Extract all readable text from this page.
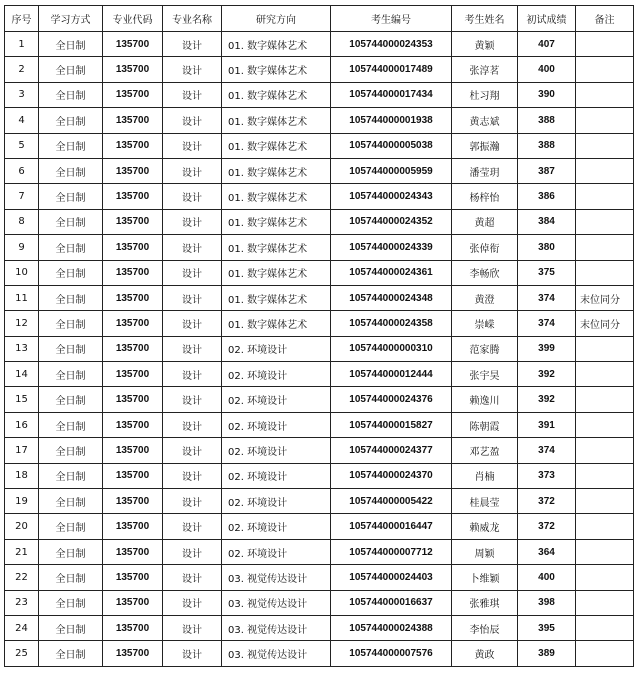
序号	学习方式	专业代码	专业名称	研究方向	考生编号	考生姓名	初试成绩	备注
1	全日制	135700	设计	01. 数字媒体艺术	105744000024353	黄颖	407	
2	全日制	135700	设计	01. 数字媒体艺术	105744000017489	张淳茗	400	
3	全日制	135700	设计	01. 数字媒体艺术	105744000017434	杜习翔	390	
4	全日制	135700	设计	01. 数字媒体艺术	105744000001938	黄志斌	388	
5	全日制	135700	设计	01. 数字媒体艺术	105744000005038	郭振瀚	388	
6	全日制	135700	设计	01. 数字媒体艺术	105744000005959	潘莹玥	387	
7	全日制	135700	设计	01. 数字媒体艺术	105744000024343	杨梓怡	386	
8	全日制	135700	设计	01. 数字媒体艺术	105744000024352	黄超	384	
9	全日制	135700	设计	01. 数字媒体艺术	105744000024339	张倬衔	380	
10	全日制	135700	设计	01. 数字媒体艺术	105744000024361	李畅欣	375	
11	全日制	135700	设计	01. 数字媒体艺术	105744000024348	黄澄	374	末位同分
12	全日制	135700	设计	01. 数字媒体艺术	105744000024358	崇嵘	374	末位同分
13	全日制	135700	设计	02. 环境设计	105744000000310	范家腾	399	
14	全日制	135700	设计	02. 环境设计	105744000012444	张宇昊	392	
15	全日制	135700	设计	02. 环境设计	105744000024376	赖逸川	392	
16	全日制	135700	设计	02. 环境设计	105744000015827	陈朝霞	391	
17	全日制	135700	设计	02. 环境设计	105744000024377	邓艺盈	374	
18	全日制	135700	设计	02. 环境设计	105744000024370	肖楠	373	
19	全日制	135700	设计	02. 环境设计	105744000005422	桂晨莹	372	
20	全日制	135700	设计	02. 环境设计	105744000016447	赖威龙	372	
21	全日制	135700	设计	02. 环境设计	105744000007712	周颖	364	
22	全日制	135700	设计	03. 视觉传达设计	105744000024403	卜维颖	400	
23	全日制	135700	设计	03. 视觉传达设计	105744000016637	张雅琪	398	
24	全日制	135700	设计	03. 视觉传达设计	105744000024388	李怡辰	395	
25	全日制	135700	设计	03. 视觉传达设计	105744000007576	黄政	389	
